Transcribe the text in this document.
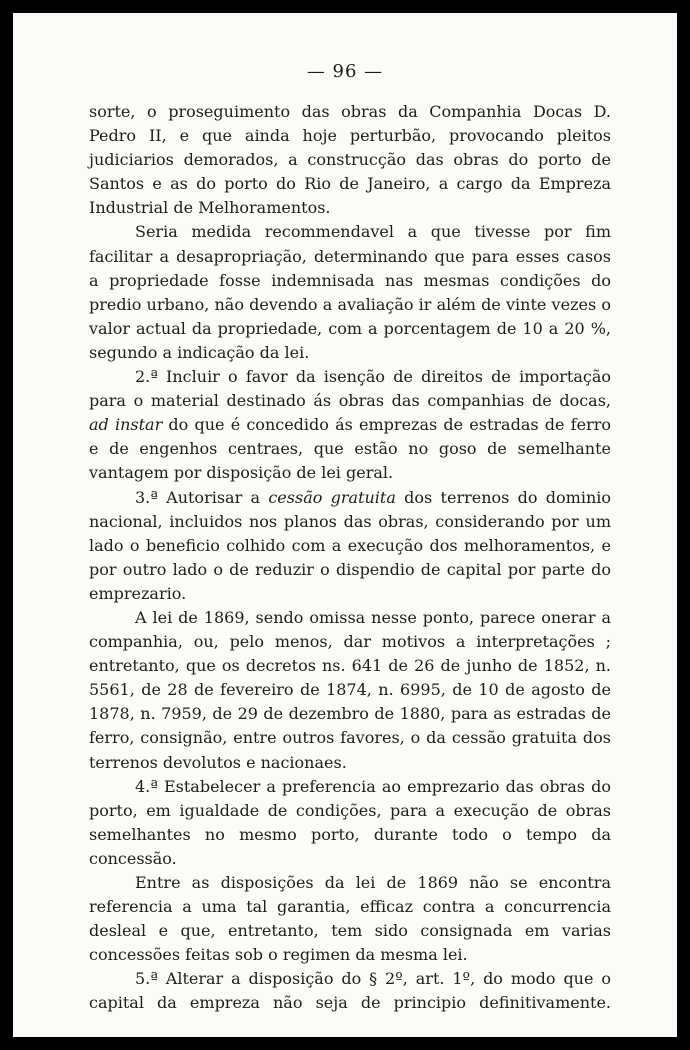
— 96 —

sorte, o proseguimento das obras da Companhia Docas D. Pedro II, e que ainda hoje perturbão, provocando pleitos judiciarios demorados, a construcção das obras do porto de Santos e as do porto do Rio de Janeiro, a cargo da Empreza Industrial de Melhoramentos.

Seria medida recommendavel a que tivesse por fim facilitar a desapropriação, determinando que para esses casos a propriedade fosse indemnisada nas mesmas condições do predio urbano, não devendo a avaliação ir além de vinte vezes o valor actual da propriedade, com a porcentagem de 10 a 20 %, segundo a indicação da lei.

2.ª Incluir o favor da isenção de direitos de importação para o material destinado ás obras das companhias de docas, ad instar do que é concedido ás emprezas de estradas de ferro e de engenhos centraes, que estão no goso de semelhante vantagem por disposição de lei geral.

3.ª Autorisar a cessão gratuita dos terrenos do dominio nacional, incluidos nos planos das obras, considerando por um lado o beneficio colhido com a execução dos melhoramentos, e por outro lado o de reduzir o dispendio de capital por parte do emprezario.

A lei de 1869, sendo omissa nesse ponto, parece onerar a companhia, ou, pelo menos, dar motivos a interpretações ; entretanto, que os decretos ns. 641 de 26 de junho de 1852, n. 5561, de 28 de fevereiro de 1874, n. 6995, de 10 de agosto de 1878, n. 7959, de 29 de dezembro de 1880, para as estradas de ferro, consignão, entre outros favores, o da cessão gratuita dos terrenos devolutos e nacionaes.

4.ª Estabelecer a preferencia ao emprezario das obras do porto, em igualdade de condições, para a execução de obras semelhantes no mesmo porto, durante todo o tempo da concessão.

Entre as disposições da lei de 1869 não se encontra referencia a uma tal garantia, efficaz contra a concurrencia desleal e que, entretanto, tem sido consignada em varias concessões feitas sob o regimen da mesma lei.

5.ª Alterar a disposição do § 2º, art. 1º, do modo que o capital da empreza não seja de principio definitivamente.
